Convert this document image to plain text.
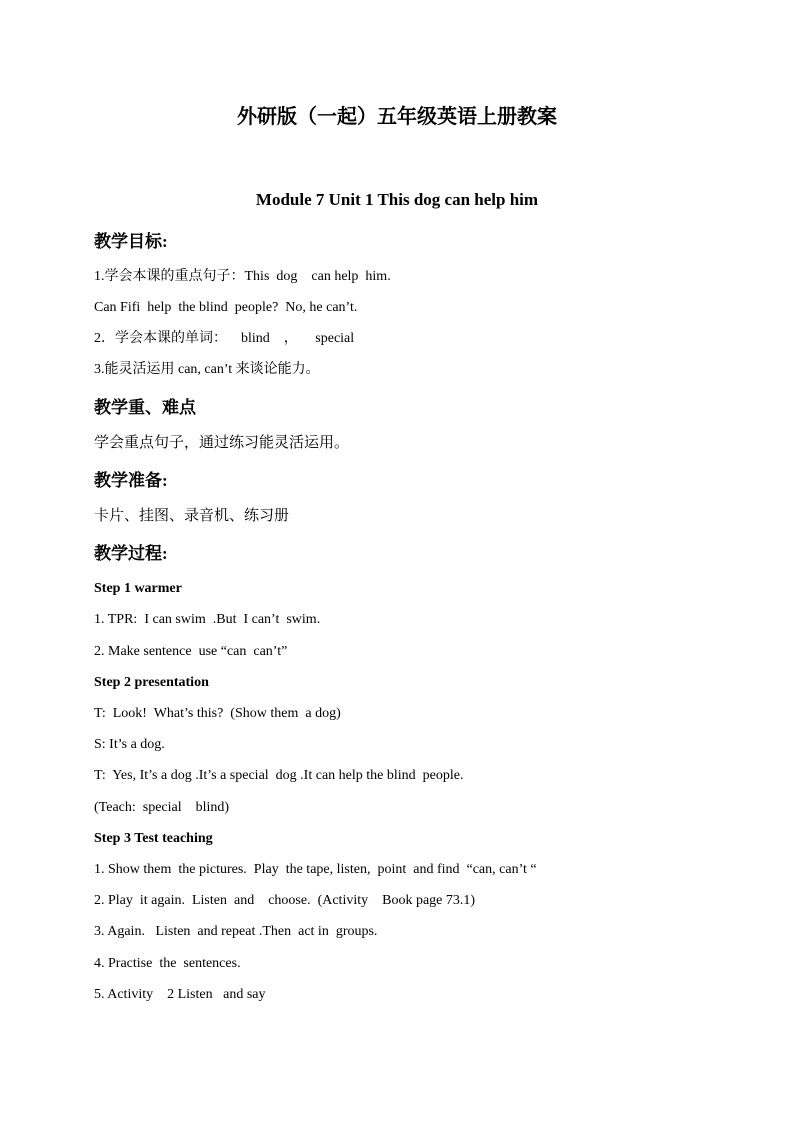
外研版（一起）五年级英语上册教案
Module 7 Unit 1 This dog can help him
教学目标:
1.学会本课的重点句子：This  dog    can help  him.
Can Fifi  help  the blind  people?  No, he can’t.
2．学会本课的单词：    blind    ，     special
3.能灵活运用 can, can’t 来谈论能力。
教学重、难点
学会重点句子，通过练习能灵活运用。
教学准备:
卡片、挂图、录音机、练习册
教学过程:
Step 1 warmer
1. TPR:  I can swim  .But  I can’t  swim.
2. Make sentence  use “can  can’t”
Step 2 presentation
T:  Look!  What’s this?  (Show them  a dog)
S: It’s a dog.
T:  Yes, It’s a dog .It’s a special  dog .It can help the blind  people.
(Teach:  special    blind)
Step 3 Test teaching
1. Show them  the pictures.  Play  the tape, listen,  point  and find  “can, can’t “
2. Play  it again.  Listen  and    choose.  (Activity    Book page 73.1)
3. Again.   Listen  and repeat .Then  act in  groups.
4. Practise  the  sentences.
5. Activity    2 Listen   and say
